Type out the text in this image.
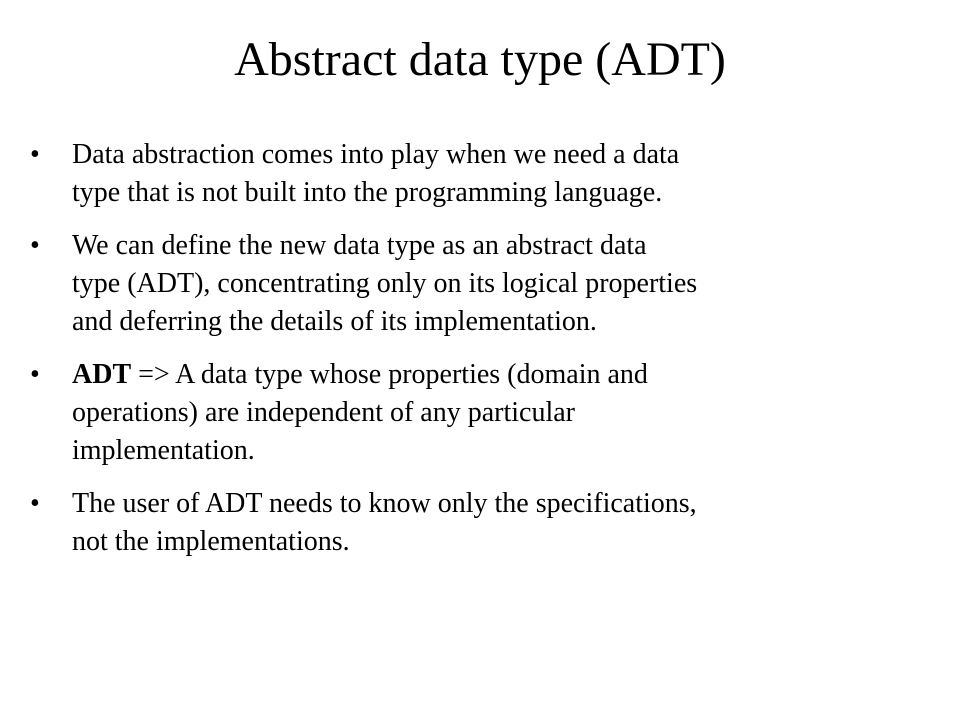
Abstract data type (ADT)
• Data abstraction comes into play when we need a data
type that is not built into the programming language.
• We can define the new data type as an abstract data
type (ADT), concentrating only on its logical properties
and deferring the details of its implementation.
• ADT => A data type whose properties (domain and
operations) are independent of any particular
implementation.
• The user of ADT needs to know only the specifications,
not the implementations.
